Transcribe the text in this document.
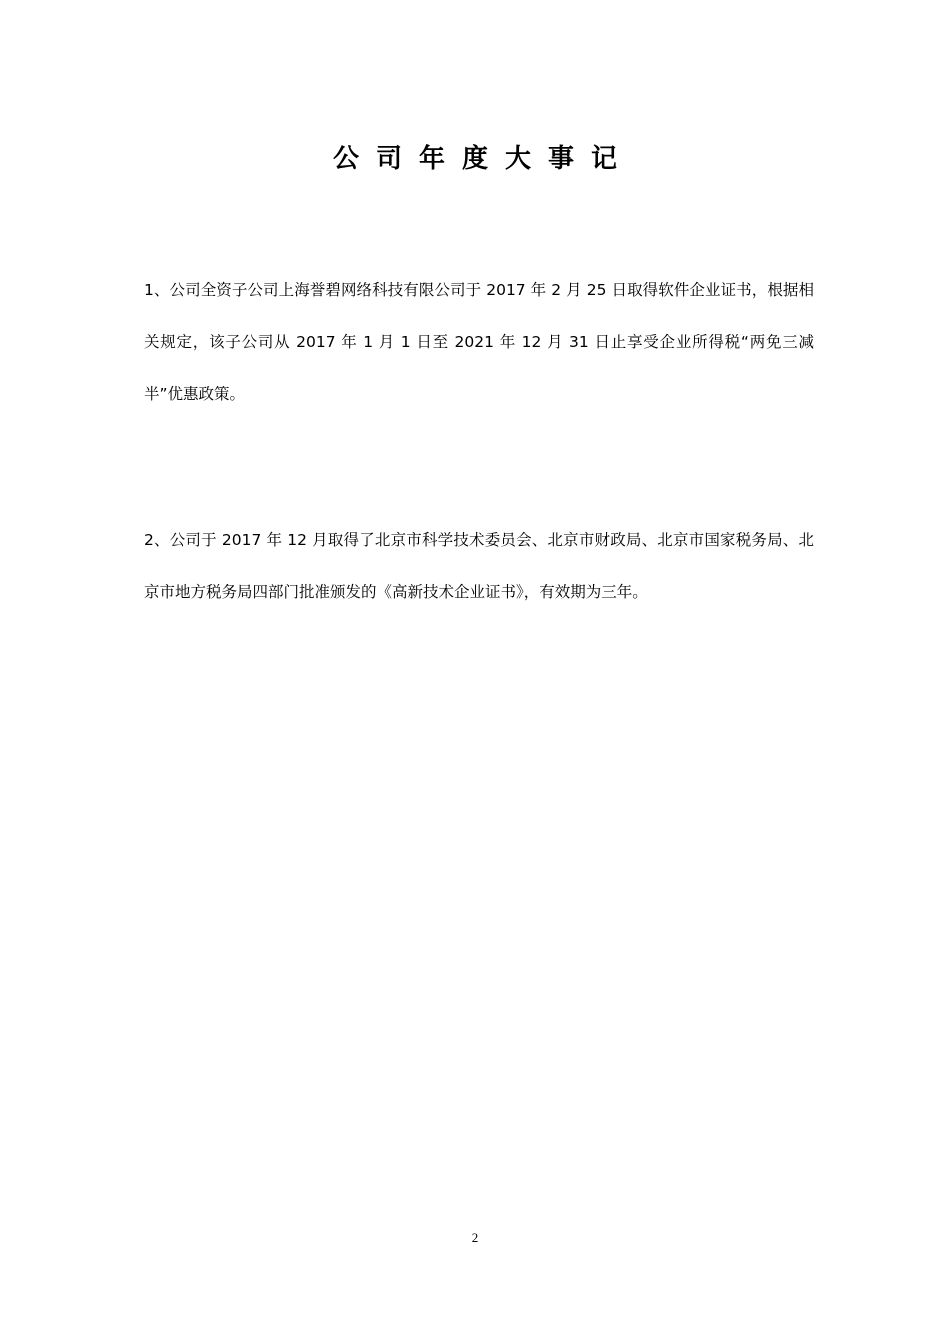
公司年度大事记

1、公司全资子公司上海誉碧网络科技有限公司于 2017 年 2 月 25 日取得软件企业证书，根据相关规定，该子公司从 2017 年 1 月 1 日至 2021 年 12 月 31 日止享受企业所得税“两免三减半”优惠政策。

2、公司于 2017 年 12 月取得了北京市科学技术委员会、北京市财政局、北京市国家税务局、北京市地方税务局四部门批准颁发的《高新技术企业证书》，有效期为三年。

2
